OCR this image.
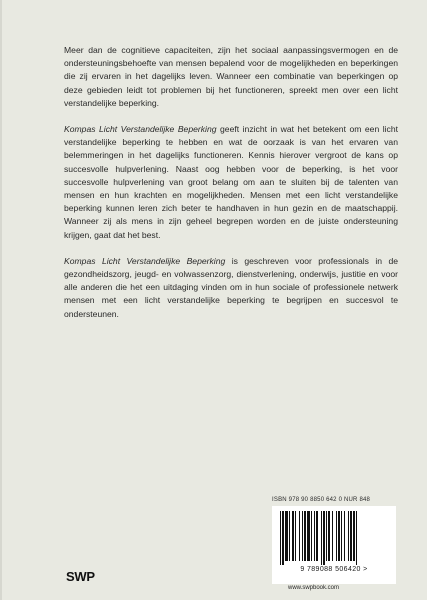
Meer dan de cognitieve capaciteiten, zijn het sociaal aanpassingsvermogen en de ondersteuningsbehoefte van mensen bepalend voor de mogelijkheden en beperkingen die zij ervaren in het dagelijks leven. Wanneer een combinatie van beperkingen op deze gebieden leidt tot problemen bij het functioneren, spreekt men over een licht verstandelijke beperking.

Kompas Licht Verstandelijke Beperking geeft inzicht in wat het betekent om een licht verstandelijke beperking te hebben en wat de oorzaak is van het ervaren van belemmeringen in het dagelijks functioneren. Kennis hierover vergroot de kans op succesvolle hulpverlening. Naast oog hebben voor de beperking, is het voor succesvolle hulpverlening van groot belang om aan te sluiten bij de talenten van mensen en hun krachten en mogelijkheden. Mensen met een licht verstandelijke beperking kunnen leren zich beter te handhaven in hun gezin en de maatschappij. Wanneer zij als mens in zijn geheel begrepen worden en de juiste ondersteuning krijgen, gaat dat het best.

Kompas Licht Verstandelijke Beperking is geschreven voor professionals in de gezondheidszorg, jeugd- en volwassenzorg, dienstverlening, onderwijs, justitie en voor alle anderen die het een uitdaging vinden om in hun sociale of professionele netwerk mensen met een licht verstandelijke beperking te begrijpen en succesvol te ondersteunen.

ISBN 978 90 8850 642 0 NUR 848
9 789088 506420 >
SWP
www.swpbook.com
